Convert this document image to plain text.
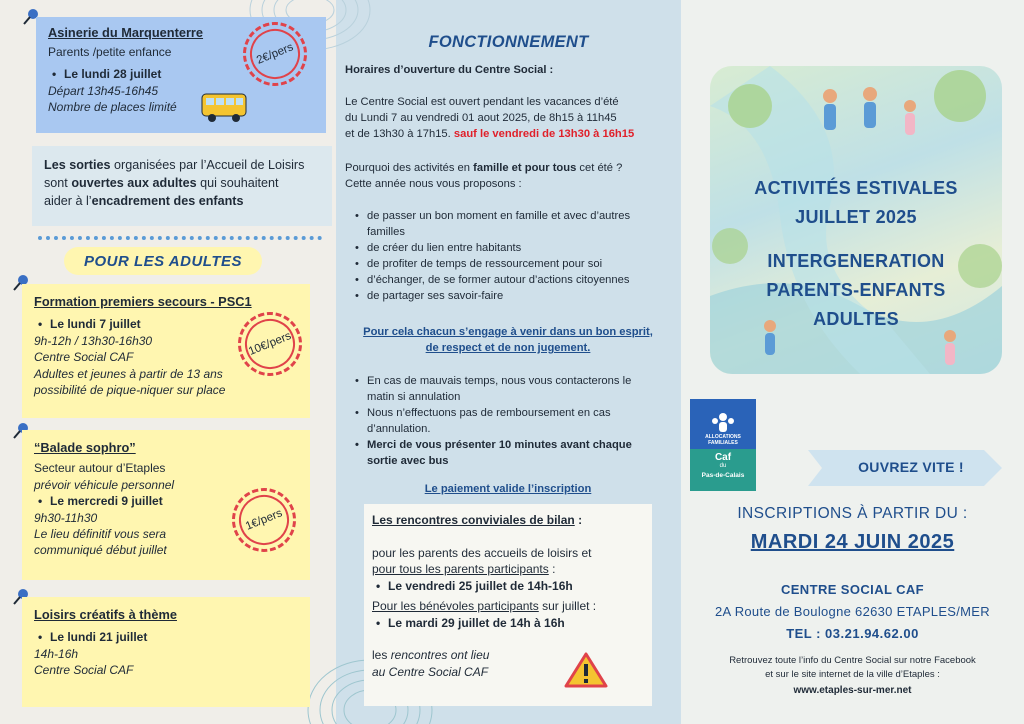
Asinerie du Marquenterre
Parents /petite enfance
• Le lundi 28 juillet
Départ 13h45-16h45
Nombre de places limité
2€/pers
Les sorties organisées par l’Accueil de Loisirs
sont ouvertes aux adultes qui souhaitent
aider à l’encadrement des enfants
POUR LES ADULTES
Formation premiers secours - PSC1
• Le lundi 7 juillet
9h-12h / 13h30-16h30
Centre Social CAF
Adultes et jeunes à partir de 13 ans
possibilité de pique-niquer sur place
10€/pers
“Balade sophro”
Secteur autour d’Etaples
prévoir véhicule personnel
• Le mercredi 9 juillet
9h30-11h30
Le lieu définitif vous sera
communiqué début juillet
1€/pers
Loisirs créatifs à thème
• Le lundi 21 juillet
14h-16h
Centre Social CAF
FONCTIONNEMENT
Horaires d’ouverture du Centre Social :
Le Centre Social est ouvert pendant les vacances d’été
du Lundi 7 au vendredi 01 aout 2025, de 8h15 à 11h45
et de 13h30 à 17h15. sauf le vendredi de 13h30 à 16h15
Pourquoi des activités en famille et pour tous cet été ?
Cette année nous vous proposons :
• de passer un bon moment en famille et avec d’autres familles
• de créer du lien entre habitants
• de profiter de temps de ressourcement pour soi
• d’échanger, de se former autour d’actions citoyennes
• de partager ses savoir-faire
Pour cela chacun s’engage à venir dans un bon esprit,
de respect et de non jugement.
• En cas de mauvais temps, nous vous contacterons le matin si annulation
• Nous n’effectuons pas de remboursement en cas d’annulation.
• Merci de vous présenter 10 minutes avant chaque sortie avec bus
Le paiement valide l’inscription
Les rencontres conviviales de bilan :
pour les parents des accueils de loisirs et
pour tous les parents participants :
• Le vendredi 25 juillet de 14h-16h
Pour les bénévoles participants sur juillet :
• Le mardi 29 juillet de 14h à 16h
les rencontres ont lieu
au Centre Social CAF
ACTIVITÉS ESTIVALES
JUILLET 2025
INTERGENERATION
PARENTS-ENFANTS
ADULTES
ALLOCATIONS
FAMILIALES
Caf
du
Pas-de-Calais
OUVREZ VITE !
INSCRIPTIONS À PARTIR DU :
MARDI 24 JUIN 2025
CENTRE SOCIAL CAF
2A Route de Boulogne 62630 ETAPLES/MER
TEL : 03.21.94.62.00
Retrouvez toute l’info du Centre Social sur notre Facebook
et sur le site internet de la ville d’Etaples :
www.etaples-sur-mer.net
